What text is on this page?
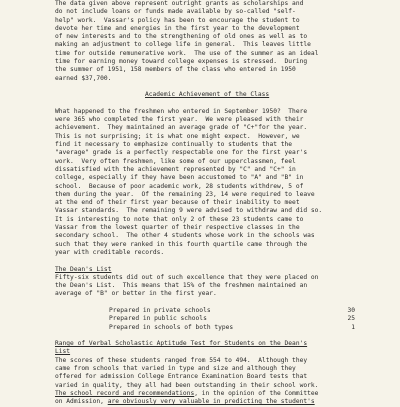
The data given above represent outright grants as scholarships and
do not include loans or funds made available by so-called "self-
help" work.  Vassar's policy has been to encourage the student to
devote her time and energies in the first year to the development
of new interests and to the strengthening of old ones as well as to
making an adjustment to college life in general.  This leaves little
time for outside remunerative work.  The use of the summer as an ideal
time for earning money toward college expenses is stressed.  During
the summer of 1951, 158 members of the class who entered in 1950
earned $37,700.
Academic Achievement of the Class
What happened to the freshmen who entered in September 1950?  There
were 365 who completed the first year.  We were pleased with their
achievement.  They maintained an average grade of "C+"for the year.
This is not surprising; it is what one might expect.  However, we
find it necessary to emphasize continually to students that the
"average" grade is a perfectly respectable one for the first year's
work.  Very often freshmen, like some of our upperclassmen, feel
dissatisfied with the achievement represented by "C" and "C+" in
college, especially if they have been accustomed to "A" and "B" in
school.  Because of poor academic work, 28 students withdrew, 5 of
them during the year.  Of the remaining 23, 14 were required to leave
at the end of their first year because of their inability to meet
Vassar standards.  The remaining 9 were advised to withdraw and did so.
It is interesting to note that only 2 of these 23 students came to
Vassar from the lowest quarter of their respective classes in the
secondary school.  The other 4 students whose work in the schools was
such that they were ranked in this fourth quartile came through the
year with creditable records.
The Dean's List
Fifty-six students did out of such excellence that they were placed on
the Dean's List.  This means that 15% of the freshmen maintained an
average of "B" or better in the first year.
Prepared in private schools	30
Prepared in public schools	25
Prepared in schools of both types	1
Range of Verbal Scholastic Aptitude Test for Students on the Dean's
List
The scores of these students ranged from 554 to 494.  Although they
came from schools that varied in type and size and although they
offered for admission College Entrance Examination Board tests that
varied in quality, they all had been outstanding in their school work.
The school record and recommendations, in the opinion of the Committee
on Admission, are obviously very valuable in predicting the student's
